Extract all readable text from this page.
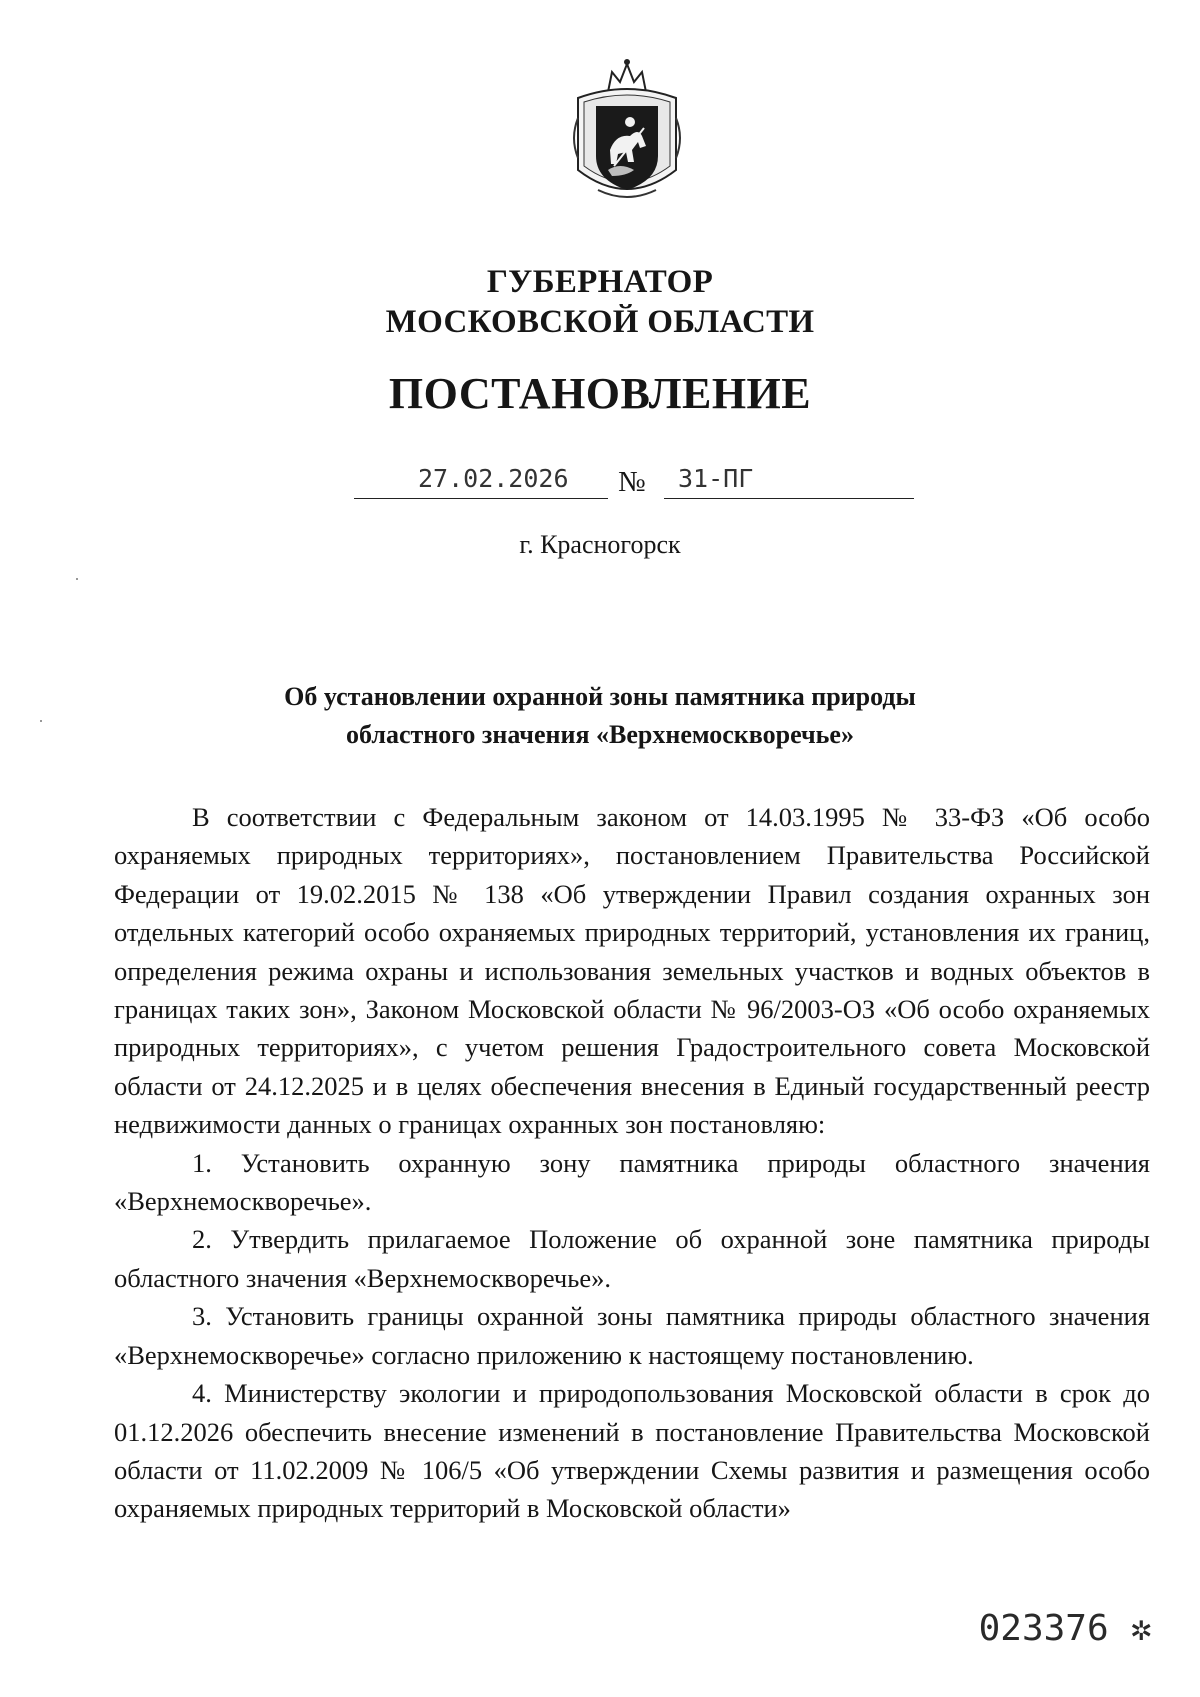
ГУБЕРНАТОР
МОСКОВСКОЙ ОБЛАСТИ
ПОСТАНОВЛЕНИЕ
27.02.2026 № 31-ПГ
г. Красногорск
Об установлении охранной зоны памятника природы
областного значения «Верхнемоскворечье»

В соответствии с Федеральным законом от 14.03.1995 № 33-ФЗ «Об особо охраняемых природных территориях», постановлением Правительства Российской Федерации от 19.02.2015 № 138 «Об утверждении Правил создания охранных зон отдельных категорий особо охраняемых природных территорий, установления их границ, определения режима охраны и использования земельных участков и водных объектов в границах таких зон», Законом Московской области № 96/2003-ОЗ «Об особо охраняемых природных территориях», с учетом решения Градостроительного совета Московской области от 24.12.2025 и в целях обеспечения внесения в Единый государственный реестр недвижимости данных о границах охранных зон постановляю:

1. Установить охранную зону памятника природы областного значения «Верхнемоскворечье».

2. Утвердить прилагаемое Положение об охранной зоне памятника природы областного значения «Верхнемоскворечье».

3. Установить границы охранной зоны памятника природы областного значения «Верхнемоскворечье» согласно приложению к настоящему постановлению.

4. Министерству экологии и природопользования Московской области в срок до 01.12.2026 обеспечить внесение изменений в постановление Правительства Московской области от 11.02.2009 № 106/5 «Об утверждении Схемы развития и размещения особо охраняемых природных территорий в Московской области»

023376 ✲
